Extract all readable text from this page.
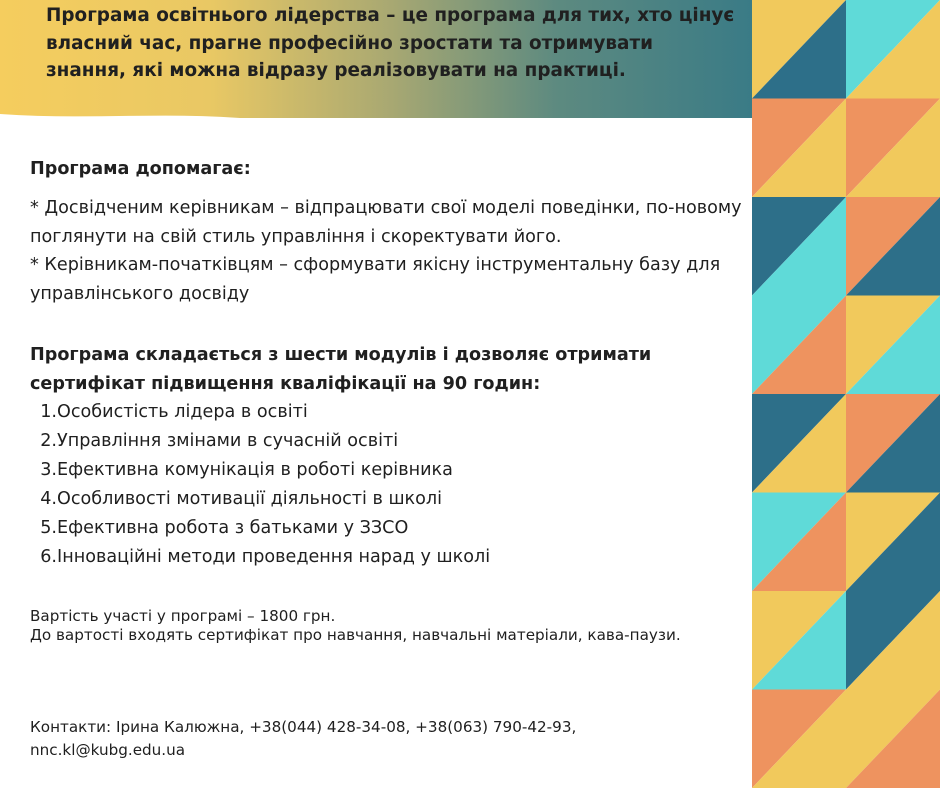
Програма освітнього лідерства – це програма для тих, хто цінує власний час, прагне професійно зростати та отримувати знання, які можна відразу реалізовувати на практиці.

Програма допомагає:

* Досвідченим керівникам – відпрацювати свої моделі поведінки, по-новому поглянути на свій стиль управління і скоректувати його.
* Керівникам-початківцям – сформувати якісну інструментальну базу для управлінського досвіду

Програма складається з шести модулів і дозволяє отримати сертифікат підвищення кваліфікації на 90 годин:

1.Особистість лідера в освіті
2.Управління змінами в сучасній освіті
3.Ефективна комунікація в роботі керівника
4.Особливості мотивації діяльності в школі
5.Ефективна робота з батьками у ЗЗСО
6.Інноваційні методи проведення нарад у школі
Вартість участі у програмі – 1800 грн.
До вартості входять сертифікат про навчання, навчальні матеріали, кава-паузи.
Контакти: Ірина Калюжна, +38(044) 428-34-08, +38(063) 790-42-93,
nnc.kl@kubg.edu.ua
